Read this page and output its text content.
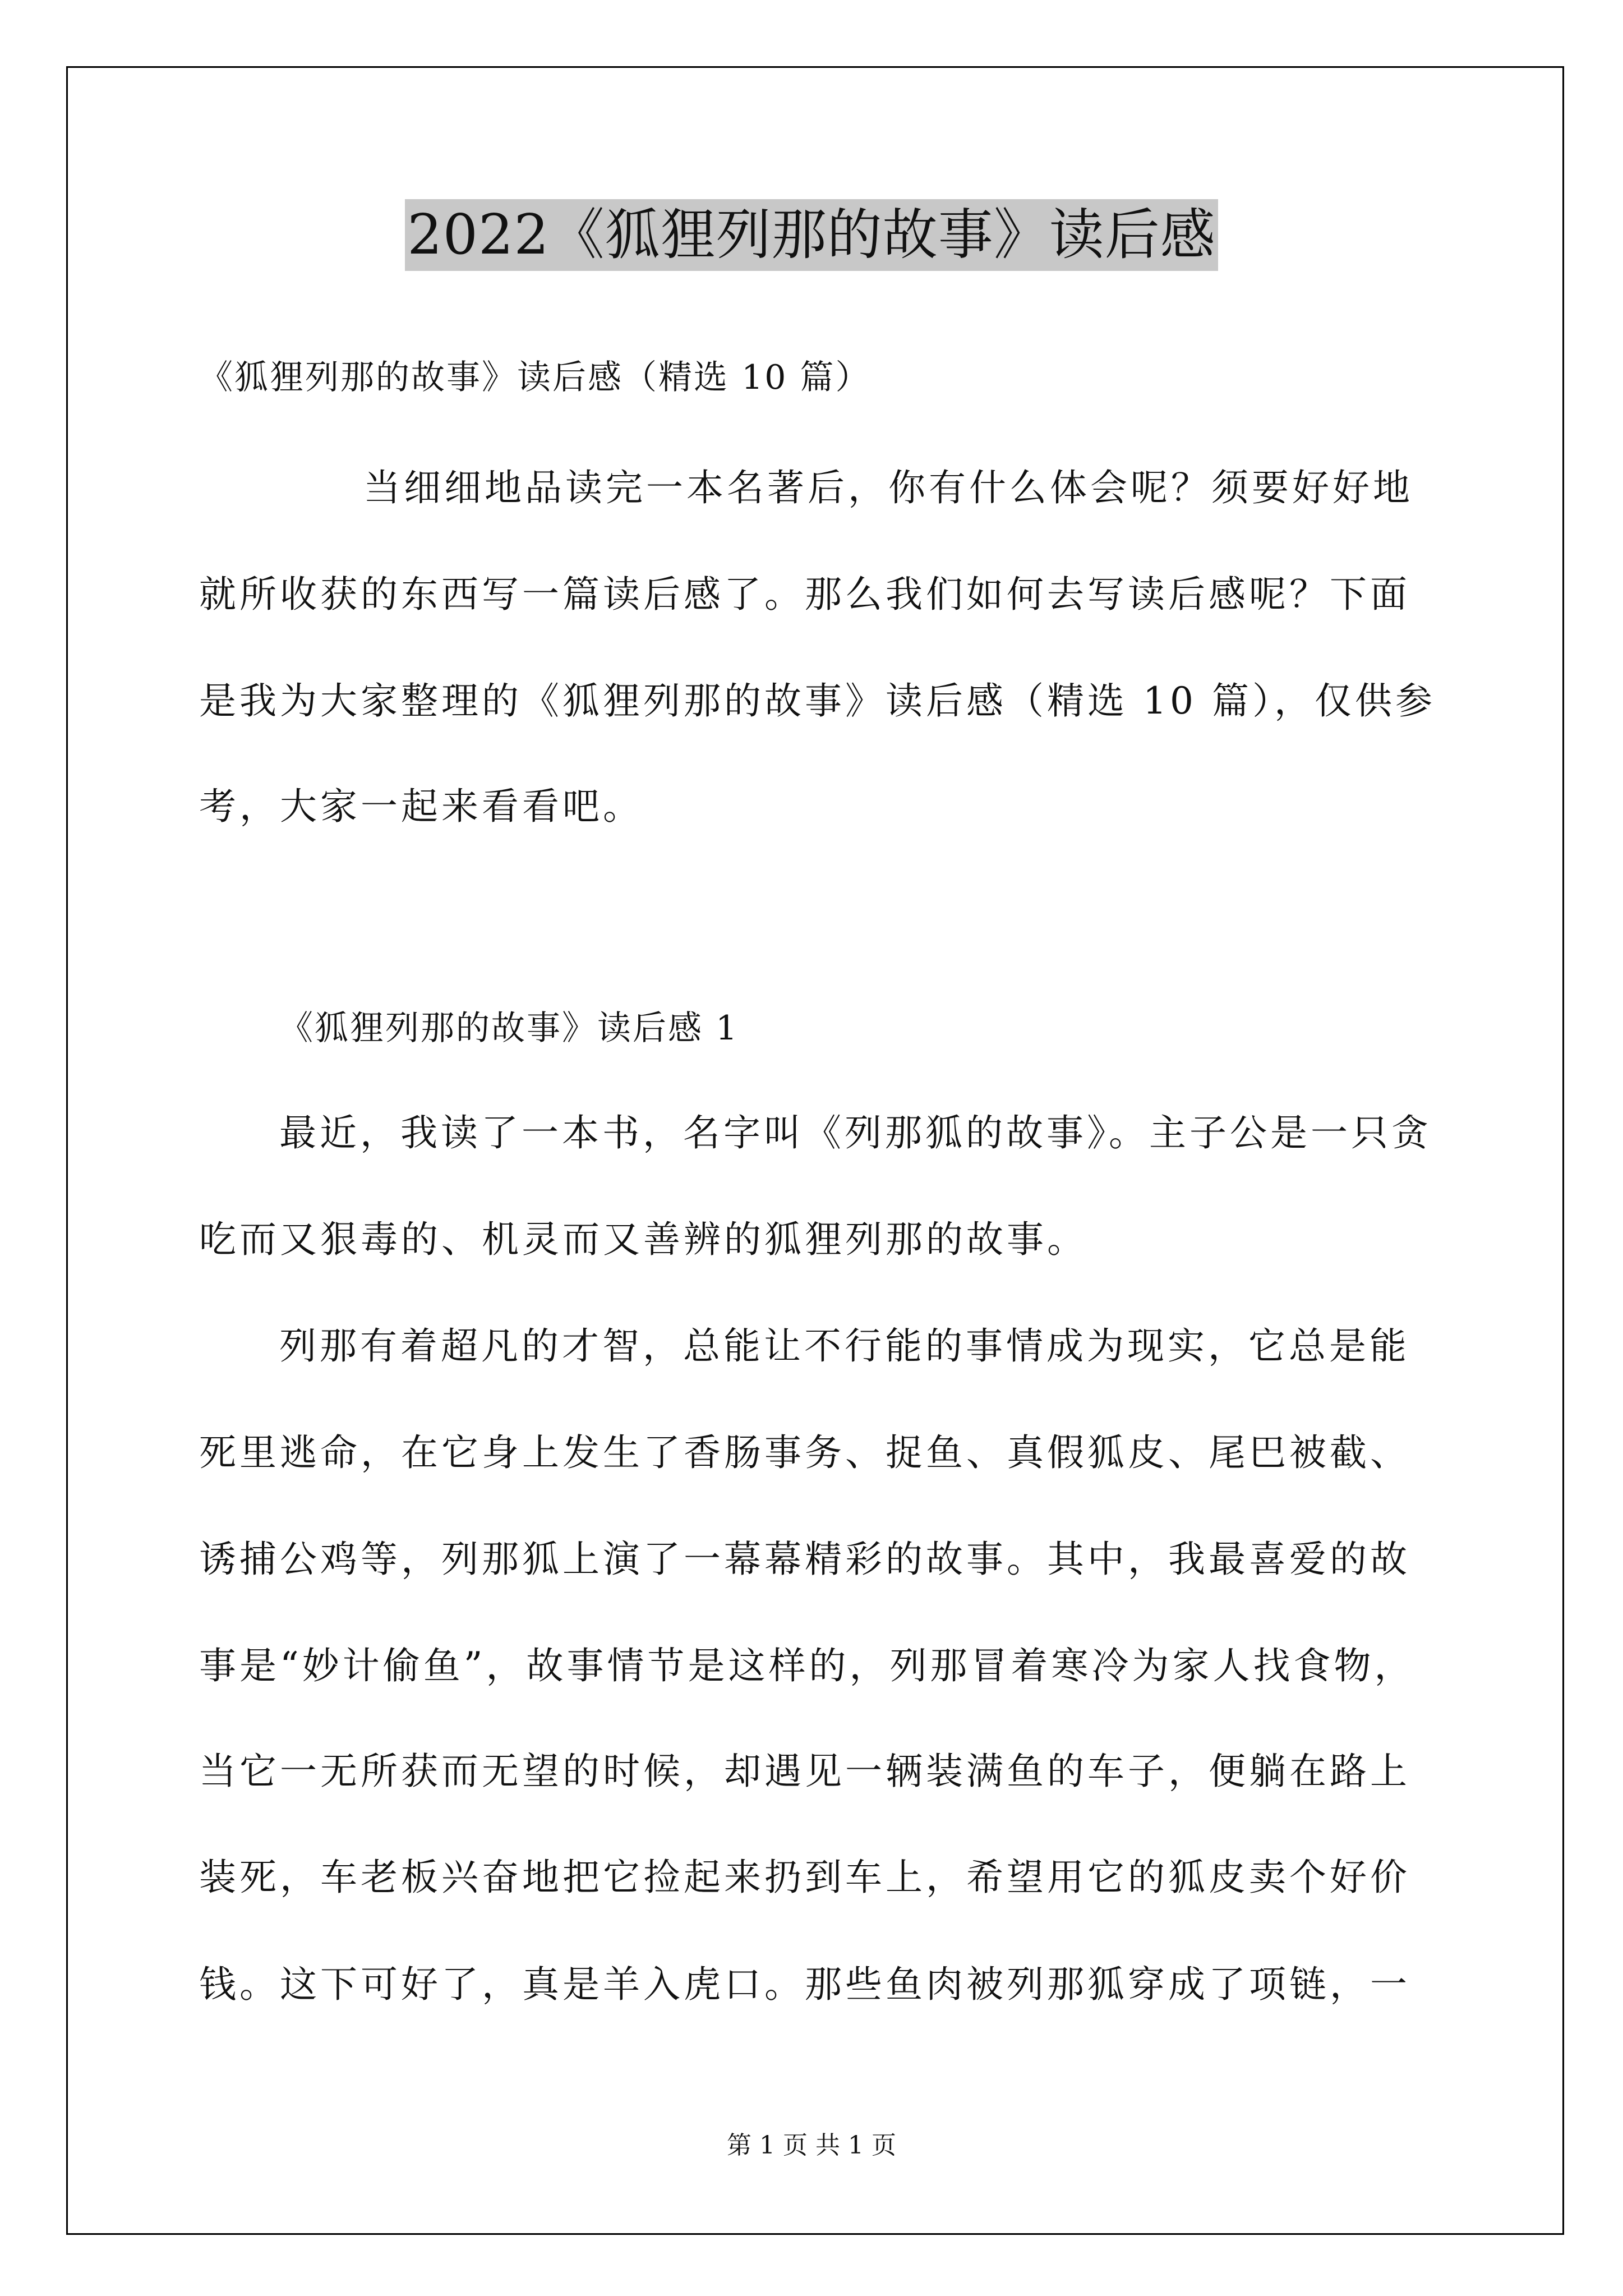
2022《狐狸列那的故事》读后感
《狐狸列那的故事》读后感（精选 10 篇）
当细细地品读完一本名著后，你有什么体会呢？须要好好地
就所收获的东西写一篇读后感了。那么我们如何去写读后感呢？下面
是我为大家整理的《狐狸列那的故事》读后感（精选 10 篇），仅供参
考，大家一起来看看吧。
《狐狸列那的故事》读后感 1
最近，我读了一本书，名字叫《列那狐的故事》。主子公是一只贪
吃而又狠毒的、机灵而又善辨的狐狸列那的故事。
列那有着超凡的才智，总能让不行能的事情成为现实，它总是能
死里逃命，在它身上发生了香肠事务、捉鱼、真假狐皮、尾巴被截、
诱捕公鸡等，列那狐上演了一幕幕精彩的故事。其中，我最喜爱的故
事是“妙计偷鱼”，故事情节是这样的，列那冒着寒冷为家人找食物，
当它一无所获而无望的时候，却遇见一辆装满鱼的车子，便躺在路上
装死，车老板兴奋地把它捡起来扔到车上，希望用它的狐皮卖个好价
钱。这下可好了，真是羊入虎口。那些鱼肉被列那狐穿成了项链，一
第 1 页 共 1 页
